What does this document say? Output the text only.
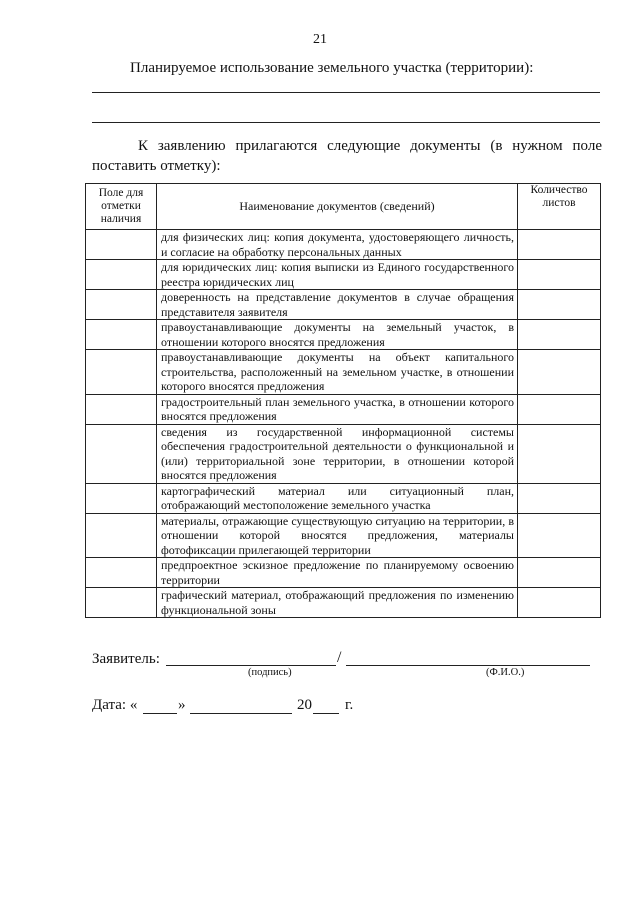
21
Планируемое использование земельного участка (территории):
К заявлению прилагаются следующие документы (в нужном поле поставить отметку):
Поле для отметки наличия	Наименование документов (сведений)	Количество листов
	для физических лиц: копия документа, удостоверяющего личность, и согласие на обработку персональных данных	
	для юридических лиц: копия выписки из Единого государственного реестра юридических лиц	
	доверенность на представление документов в случае обращения представителя заявителя	
	правоустанавливающие документы на земельный участок, в отношении которого вносятся предложения	
	правоустанавливающие документы на объект капитального строительства, расположенный на земельном участке, в отношении которого вносятся предложения	
	градостроительный план земельного участка, в отношении которого вносятся предложения	
	сведения из государственной информационной системы обеспечения градостроительной деятельности о функциональной и (или) территориальной зоне территории, в отношении которой вносятся предложения	
	картографический материал или ситуационный план, отображающий местоположение земельного участка	
	материалы, отражающие существующую ситуацию на территории, в отношении которой вносятся предложения, материалы фотофиксации прилегающей территории	
	предпроектное эскизное предложение по планируемому освоению территории	
	графический материал, отображающий предложения по изменению функциональной зоны	
Заявитель:	/
(подпись)	(Ф.И.О.)
Дата: «	»	20 г.
